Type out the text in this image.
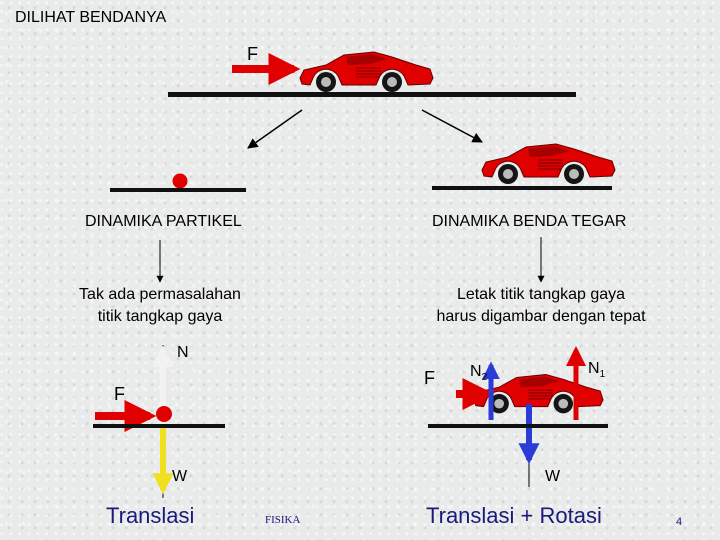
DILIHAT BENDANYA
F
DINAMIKA PARTIKEL	DINAMIKA BENDA TEGAR
Tak ada permasalahan
titik tangkap gaya
Letak titik tangkap gaya
harus digambar dengan tepat
N
F
W
F $N_2$
$N_1$
W
Translasi	FISIKA	Translasi + Rotasi	4
